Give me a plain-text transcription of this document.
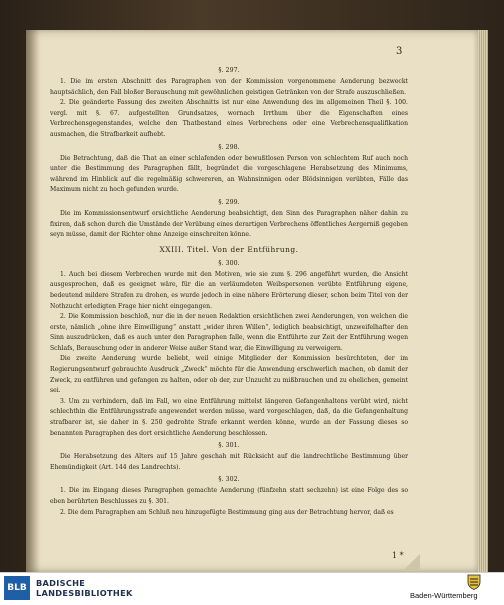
3
§. 297.
1. Die im ersten Abschnitt des Paragraphen von der Kommission vorgenommene Aenderung bezweckt hauptsächlich, den Fall bloßer Berauschung mit gewöhnlichen geistigen Getränken von der Strafe auszuschließen.
2. Die geänderte Fassung des zweiten Abschnitts ist nur eine Anwendung des im allgemeinen Theil §. 100. vergl. mit §. 67. aufgestellten Grundsatzes, wornach Irrthum über die Eigenschaften eines Verbrechensgegenstandes, welche den Thatbestand eines Verbrechens oder eine Verbrechensqualifikation ausmachen, die Strafbarkeit aufhebt.
§. 298.
Die Betrachtung, daß die That an einer schlafenden oder bewußtlosen Person von schlechtem Ruf auch noch unter die Bestimmung des Paragraphen fällt, begründet die vorgeschlagene Herabsetzung des Minimums, während im Hinblick auf die regelmäßig schwereren, an Wahnsinnigen oder Blödsinnigen verübten, Fälle das Maximum nicht zu hoch gefunden wurde.
§. 299.
Die im Kommissionsentwurf ersichtliche Aenderung beabsichtigt, den Sinn des Paragraphen näher dahin zu fixiren, daß schon durch die Umstände der Verübung eines derartigen Verbrechens öffentliches Aergerniß gegeben seyn müsse, damit der Richter ohne Anzeige einschreiten könne.
XXIII. Titel. Von der Entführung.
§. 300.
1. Auch bei diesem Verbrechen wurde mit den Motiven, wie sie zum §. 296 angeführt wurden, die Ansicht ausgesprochen, daß es geeignet wäre, für die an verläumdeten Weibspersonen verübte Entführung eigene, bedeutend mildere Strafen zu drohen, es wurde jedoch in eine nähere Erörterung dieser, schon beim Titel von der Nothzucht erledigten Frage hier nicht eingegangen.
2. Die Kommission beschloß, nur die in der neuen Redaktion ersichtlichen zwei Aenderungen, von welchen die erste, nämlich „ohne ihre Einwilligung“ anstatt „wider ihren Willen“, lediglich beabsichtigt, unzweifelhafter den Sinn auszudrücken, daß es auch unter den Paragraphen falle, wenn die Entführte zur Zeit der Entführung wegen Schlafs, Berauschung oder in anderer Weise außer Stand war, die Einwilligung zu verweigern.
Die zweite Aenderung wurde beliebt, weil einige Mitglieder der Kommission besürchteten, der im Regierungsentwurf gebrauchte Ausdruck „Zweck“ möchte für die Anwendung erschwerlich machen, ob damit der Zweck, zu entführen und gefangen zu halten, oder ob der, zur Unzucht zu mißbrauchen und zu ehelichen, gemeint sei.
3. Um zu verhindern, daß im Fall, wo eine Entführung mittelst längeren Gefangenhaltens verübt wird, nicht schlechthin die Entführungsstrafe angewendet werden müsse, ward vorgeschlagen, daß, da die Gefangenhaltung strafbarer ist, sie daher in §. 250 gedrohte Strafe erkannt werden könne, wurde an der Fassung dieses so benannten Paragraphen des dort ersichtliche Aenderung beschlossen.
§. 301.
Die Herabsetzung des Alters auf 15 Jahre geschah mit Rücksicht auf die landrechtliche Bestimmung über Ehemündigkeit (Art. 144 des Landrechts).
§. 302.
1. Die im Eingang dieses Paragraphen gemachte Aenderung (fünfzehn statt sechzehn) ist eine Folge des so eben berührten Beschlusses zu §. 301.
2. Die dem Paragraphen am Schluß neu hinzugefügte Bestimmung ging aus der Betrachtung hervor, daß es
1 *
BLB	BADISCHE
LANDESBIBLIOTHEK	Baden-Württemberg
